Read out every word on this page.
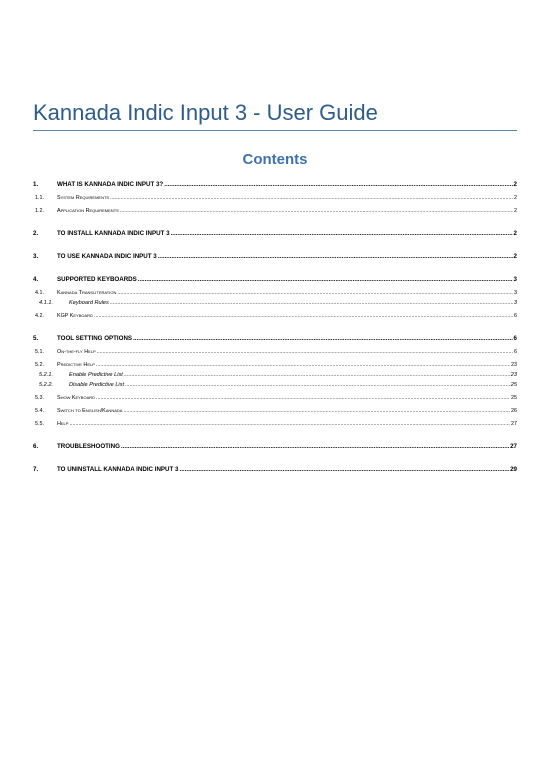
Kannada Indic Input 3 - User Guide
Contents
1.	WHAT IS KANNADA INDIC INPUT 3? .....	2
1.1.	System Requirements .....	2
1.2.	Application Requirements .....	2
2.	TO INSTALL KANNADA INDIC INPUT 3 .....	2
3.	TO USE KANNADA INDIC INPUT 3 .....	2
4.	SUPPORTED KEYBOARDS .....	3
4.1.	Kannada Transliteration .....	3
4.1.1.	Keyboard Rules .....	3
4.2.	KGP Keyboard .....	6
5.	TOOL SETTING OPTIONS .....	6
5.1.	On-the-fly Help .....	6
5.2.	Predictive Help .....	23
5.2.1.	Enable Predictive List .....	23
5.2.2.	Disable Predictive List .....	25
5.3.	Show Keyboard .....	25
5.4.	Switch to English/Kannada .....	26
5.5.	Help .....	27
6.	TROUBLESHOOTING .....	27
7.	TO UNINSTALL KANNADA INDIC INPUT 3 .....	29
